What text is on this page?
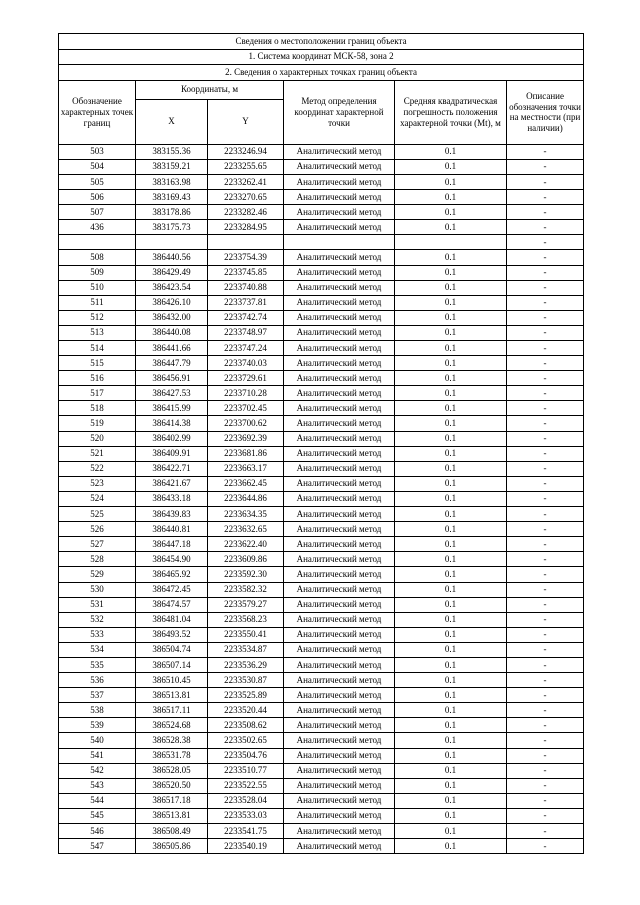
Сведения о местоположении границ объекта					
1. Система координат МСК-58, зона 2					
2. Сведения о характерных точках границ объекта					
Обозначение характерных точек границ	Координаты, м		Метод определения координат характерной точки	Средняя квадратическая погрешность положения характерной точки (Mt), м	Описание обозначения точки на местности (при наличии)
	X	Y			
503	383155.36	2233246.94	Аналитический метод	0.1	-
504	383159.21	2233255.65	Аналитический метод	0.1	-
505	383163.98	2233262.41	Аналитический метод	0.1	-
506	383169.43	2233270.65	Аналитический метод	0.1	-
507	383178.86	2233282.46	Аналитический метод	0.1	-
436	383175.73	2233284.95	Аналитический метод	0.1	-
					-
508	386440.56	2233754.39	Аналитический метод	0.1	-
509	386429.49	2233745.85	Аналитический метод	0.1	-
510	386423.54	2233740.88	Аналитический метод	0.1	-
511	386426.10	2233737.81	Аналитический метод	0.1	-
512	386432.00	2233742.74	Аналитический метод	0.1	-
513	386440.08	2233748.97	Аналитический метод	0.1	-
514	386441.66	2233747.24	Аналитический метод	0.1	-
515	386447.79	2233740.03	Аналитический метод	0.1	-
516	386456.91	2233729.61	Аналитический метод	0.1	-
517	386427.53	2233710.28	Аналитический метод	0.1	-
518	386415.99	2233702.45	Аналитический метод	0.1	-
519	386414.38	2233700.62	Аналитический метод	0.1	-
520	386402.99	2233692.39	Аналитический метод	0.1	-
521	386409.91	2233681.86	Аналитический метод	0.1	-
522	386422.71	2233663.17	Аналитический метод	0.1	-
523	386421.67	2233662.45	Аналитический метод	0.1	-
524	386433.18	2233644.86	Аналитический метод	0.1	-
525	386439.83	2233634.35	Аналитический метод	0.1	-
526	386440.81	2233632.65	Аналитический метод	0.1	-
527	386447.18	2233622.40	Аналитический метод	0.1	-
528	386454.90	2233609.86	Аналитический метод	0.1	-
529	386465.92	2233592.30	Аналитический метод	0.1	-
530	386472.45	2233582.32	Аналитический метод	0.1	-
531	386474.57	2233579.27	Аналитический метод	0.1	-
532	386481.04	2233568.23	Аналитический метод	0.1	-
533	386493.52	2233550.41	Аналитический метод	0.1	-
534	386504.74	2233534.87	Аналитический метод	0.1	-
535	386507.14	2233536.29	Аналитический метод	0.1	-
536	386510.45	2233530.87	Аналитический метод	0.1	-
537	386513.81	2233525.89	Аналитический метод	0.1	-
538	386517.11	2233520.44	Аналитический метод	0.1	-
539	386524.68	2233508.62	Аналитический метод	0.1	-
540	386528.38	2233502.65	Аналитический метод	0.1	-
541	386531.78	2233504.76	Аналитический метод	0.1	-
542	386528.05	2233510.77	Аналитический метод	0.1	-
543	386520.50	2233522.55	Аналитический метод	0.1	-
544	386517.18	2233528.04	Аналитический метод	0.1	-
545	386513.81	2233533.03	Аналитический метод	0.1	-
546	386508.49	2233541.75	Аналитический метод	0.1	-
547	386505.86	2233540.19	Аналитический метод	0.1	-
